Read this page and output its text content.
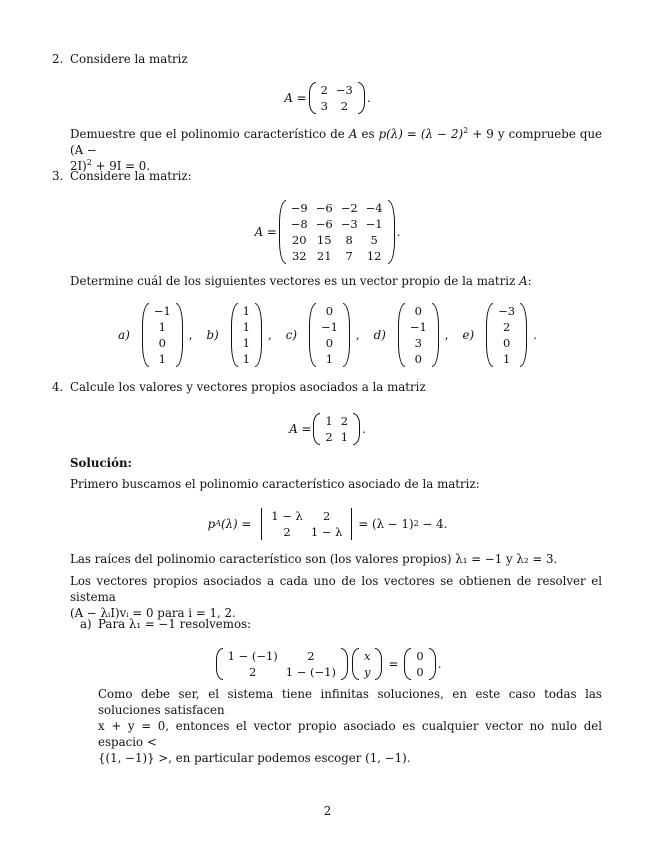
2. Considere la matriz
A =
2	−3
3	2
.
Demuestre que el polinomio característico de A es $p(\lambda) = (\lambda - 2)^2 + 9$ y compruebe que (A −
2I)$^2$ + 9I = 0.
3. Considere la matriz:
A =
−9	−6	−2	−4
−8	−6	−3	−1
20	15	8	5
32	21	7	12
.
Determine cuál de los siguientes vectores es un vector propio de la matriz A:
a)
−1
1
0
1
, b)
1
1
1
1
, c)
0
−1
0
1
, d)
0
−1
3
0
, e)
−3
2
0
1
.
4. Calcule los valores y vectores propios asociados a la matriz
A =
1	2
2	1
.
Solución:
Primero buscamos el polinomio característico asociado de la matriz:
p A (λ) =
1 − λ	2
2	1 − λ
= (λ − 1) 2
− 4.
Las raíces del polinomio característico son (los valores propios) λ₁ = −1 y λ₂ = 3.
Los vectores propios asociados a cada uno de los vectores se obtienen de resolver el sistema
(A − λᵢI)vᵢ = 0 para i = 1, 2.
a) Para λ₁ = −1 resolvemos:
1 − (−1)	2
2	1 − (−1)
x
y
=
0
0
.
Como debe ser, el sistema tiene infinitas soluciones, en este caso todas las soluciones satisfacen
x + y = 0, entonces el vector propio asociado es cualquier vector no nulo del espacio <
{(1, −1)} >, en particular podemos escoger (1, −1).
2
